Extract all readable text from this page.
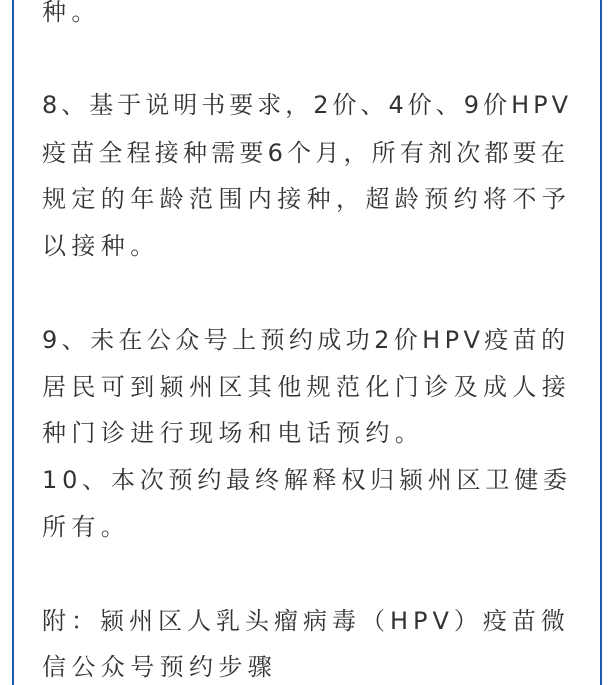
种。

8、基于说明书要求，2价、4价、9价HPV

疫苗全程接种需要6个月，所有剂次都要在

规定的年龄范围内接种，超龄预约将不予

以接种。

9、未在公众号上预约成功2价HPV疫苗的

居民可到颍州区其他规范化门诊及成人接

种门诊进行现场和电话预约。

10、本次预约最终解释权归颍州区卫健委

所有。

附：颍州区人乳头瘤病毒（HPV）疫苗微

信公众号预约步骤
